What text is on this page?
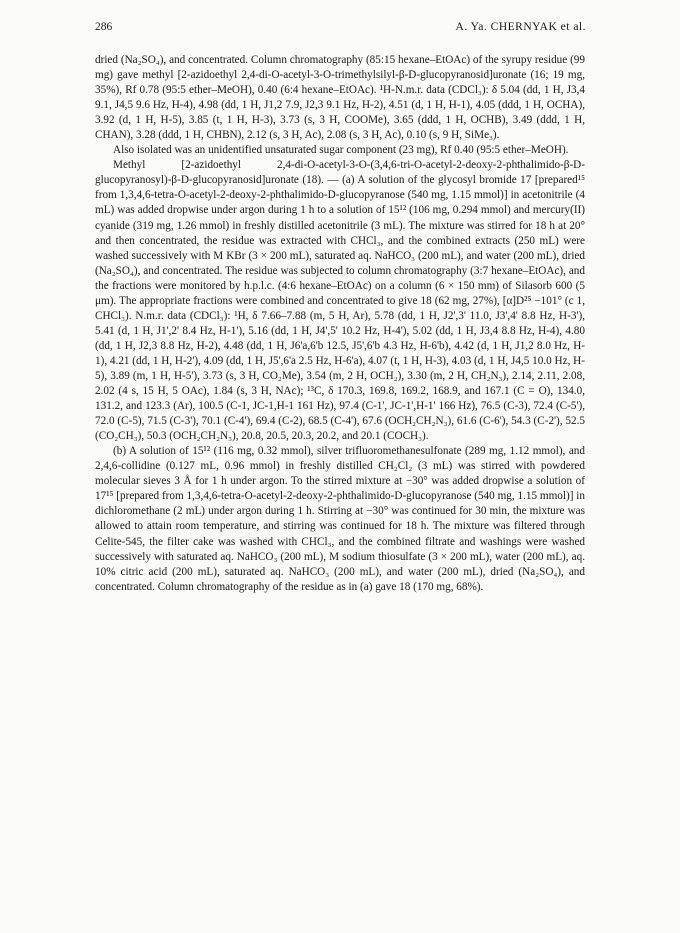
286	A. Ya. CHERNYAK et al.

dried (Na₂SO₄), and concentrated. Column chromatography (85:15 hexane–EtOAc) of the syrupy residue (99 mg) gave methyl [2-azidoethyl 2,4-di-O-acetyl-3-O-trimethylsilyl-β-D-glucopyranosid]uronate (16; 19 mg, 35%), Rf 0.78 (95:5 ether–MeOH), 0.40 (6:4 hexane–EtOAc). ¹H-N.m.r. data (CDCl₃): δ 5.04 (dd, 1 H, J3,4 9.1, J4,5 9.6 Hz, H-4), 4.98 (dd, 1 H, J1,2 7.9, J2,3 9.1 Hz, H-2), 4.51 (d, 1 H, H-1), 4.05 (ddd, 1 H, OCHA), 3.92 (d, 1 H, H-5), 3.85 (t, 1 H, H-3), 3.73 (s, 3 H, COOMe), 3.65 (ddd, 1 H, OCHB), 3.49 (ddd, 1 H, CHAN), 3.28 (ddd, 1 H, CHBN), 2.12 (s, 3 H, Ac), 2.08 (s, 3 H, Ac), 0.10 (s, 9 H, SiMe₃).

Also isolated was an unidentified unsaturated sugar component (23 mg), Rf 0.40 (95:5 ether–MeOH).

Methyl [2-azidoethyl 2,4-di-O-acetyl-3-O-(3,4,6-tri-O-acetyl-2-deoxy-2-phthalimido-β-D-glucopyranosyl)-β-D-glucopyranosid]uronate (18). — (a) A solution of the glycosyl bromide 17 [prepared¹⁵ from 1,3,4,6-tetra-O-acetyl-2-deoxy-2-phthalimido-D-glucopyranose (540 mg, 1.15 mmol)] in acetonitrile (4 mL) was added dropwise under argon during 1 h to a solution of 15¹² (106 mg, 0.294 mmol) and mercury(II) cyanide (319 mg, 1.26 mmol) in freshly distilled acetonitrile (3 mL). The mixture was stirred for 18 h at 20° and then concentrated, the residue was extracted with CHCl₃, and the combined extracts (250 mL) were washed successively with M KBr (3 × 200 mL), saturated aq. NaHCO₃ (200 mL), and water (200 mL), dried (Na₂SO₄), and concentrated. The residue was subjected to column chromatography (3:7 hexane–EtOAc), and the fractions were monitored by h.p.l.c. (4:6 hexane–EtOAc) on a column (6 × 150 mm) of Silasorb 600 (5 μm). The appropriate fractions were combined and concentrated to give 18 (62 mg, 27%), [α]D²⁵ −101° (c 1, CHCl₃). N.m.r. data (CDCl₃): ¹H, δ 7.66–7.88 (m, 5 H, Ar), 5.78 (dd, 1 H, J2',3' 11.0, J3',4' 8.8 Hz, H-3'), 5.41 (d, 1 H, J1',2' 8.4 Hz, H-1'), 5.16 (dd, 1 H, J4',5' 10.2 Hz, H-4'), 5.02 (dd, 1 H, J3,4 8.8 Hz, H-4), 4.80 (dd, 1 H, J2,3 8.8 Hz, H-2), 4.48 (dd, 1 H, J6'a,6'b 12.5, J5',6'b 4.3 Hz, H-6'b), 4.42 (d, 1 H, J1,2 8.0 Hz, H-1), 4.21 (dd, 1 H, H-2'), 4.09 (dd, 1 H, J5',6'a 2.5 Hz, H-6'a), 4.07 (t, 1 H, H-3), 4.03 (d, 1 H, J4,5 10.0 Hz, H-5), 3.89 (m, 1 H, H-5'), 3.73 (s, 3 H, CO₂Me), 3.54 (m, 2 H, OCH₂), 3.30 (m, 2 H, CH₂N₃), 2.14, 2.11, 2.08, 2.02 (4 s, 15 H, 5 OAc), 1.84 (s, 3 H, NAc); ¹³C, δ 170.3, 169.8, 169.2, 168.9, and 167.1 (C = O), 134.0, 131.2, and 123.3 (Ar), 100.5 (C-1, JC-1,H-1 161 Hz), 97.4 (C-1', JC-1',H-1' 166 Hz), 76.5 (C-3), 72.4 (C-5'), 72.0 (C-5), 71.5 (C-3'), 70.1 (C-4'), 69.4 (C-2), 68.5 (C-4'), 67.6 (OCH₂CH₂N₃), 61.6 (C-6'), 54.3 (C-2'), 52.5 (CO₂CH₃), 50.3 (OCH₂CH₂N₃), 20.8, 20.5, 20.3, 20.2, and 20.1 (COCH₃).

(b) A solution of 15¹² (116 mg, 0.32 mmol), silver trifluoromethanesulfonate (289 mg, 1.12 mmol), and 2,4,6-collidine (0.127 mL, 0.96 mmol) in freshly distilled CH₂Cl₂ (3 mL) was stirred with powdered molecular sieves 3 Å for 1 h under argon. To the stirred mixture at −30° was added dropwise a solution of 17¹⁵ [prepared from 1,3,4,6-tetra-O-acetyl-2-deoxy-2-phthalimido-D-glucopyranose (540 mg, 1.15 mmol)] in dichloromethane (2 mL) under argon during 1 h. Stirring at −30° was continued for 30 min, the mixture was allowed to attain room temperature, and stirring was continued for 18 h. The mixture was filtered through Celite-545, the filter cake was washed with CHCl₃, and the combined filtrate and washings were washed successively with saturated aq. NaHCO₃ (200 mL), M sodium thiosulfate (3 × 200 mL), water (200 mL), aq. 10% citric acid (200 mL), saturated aq. NaHCO₃ (200 mL), and water (200 mL), dried (Na₂SO₄), and concentrated. Column chromatography of the residue as in (a) gave 18 (170 mg, 68%).
